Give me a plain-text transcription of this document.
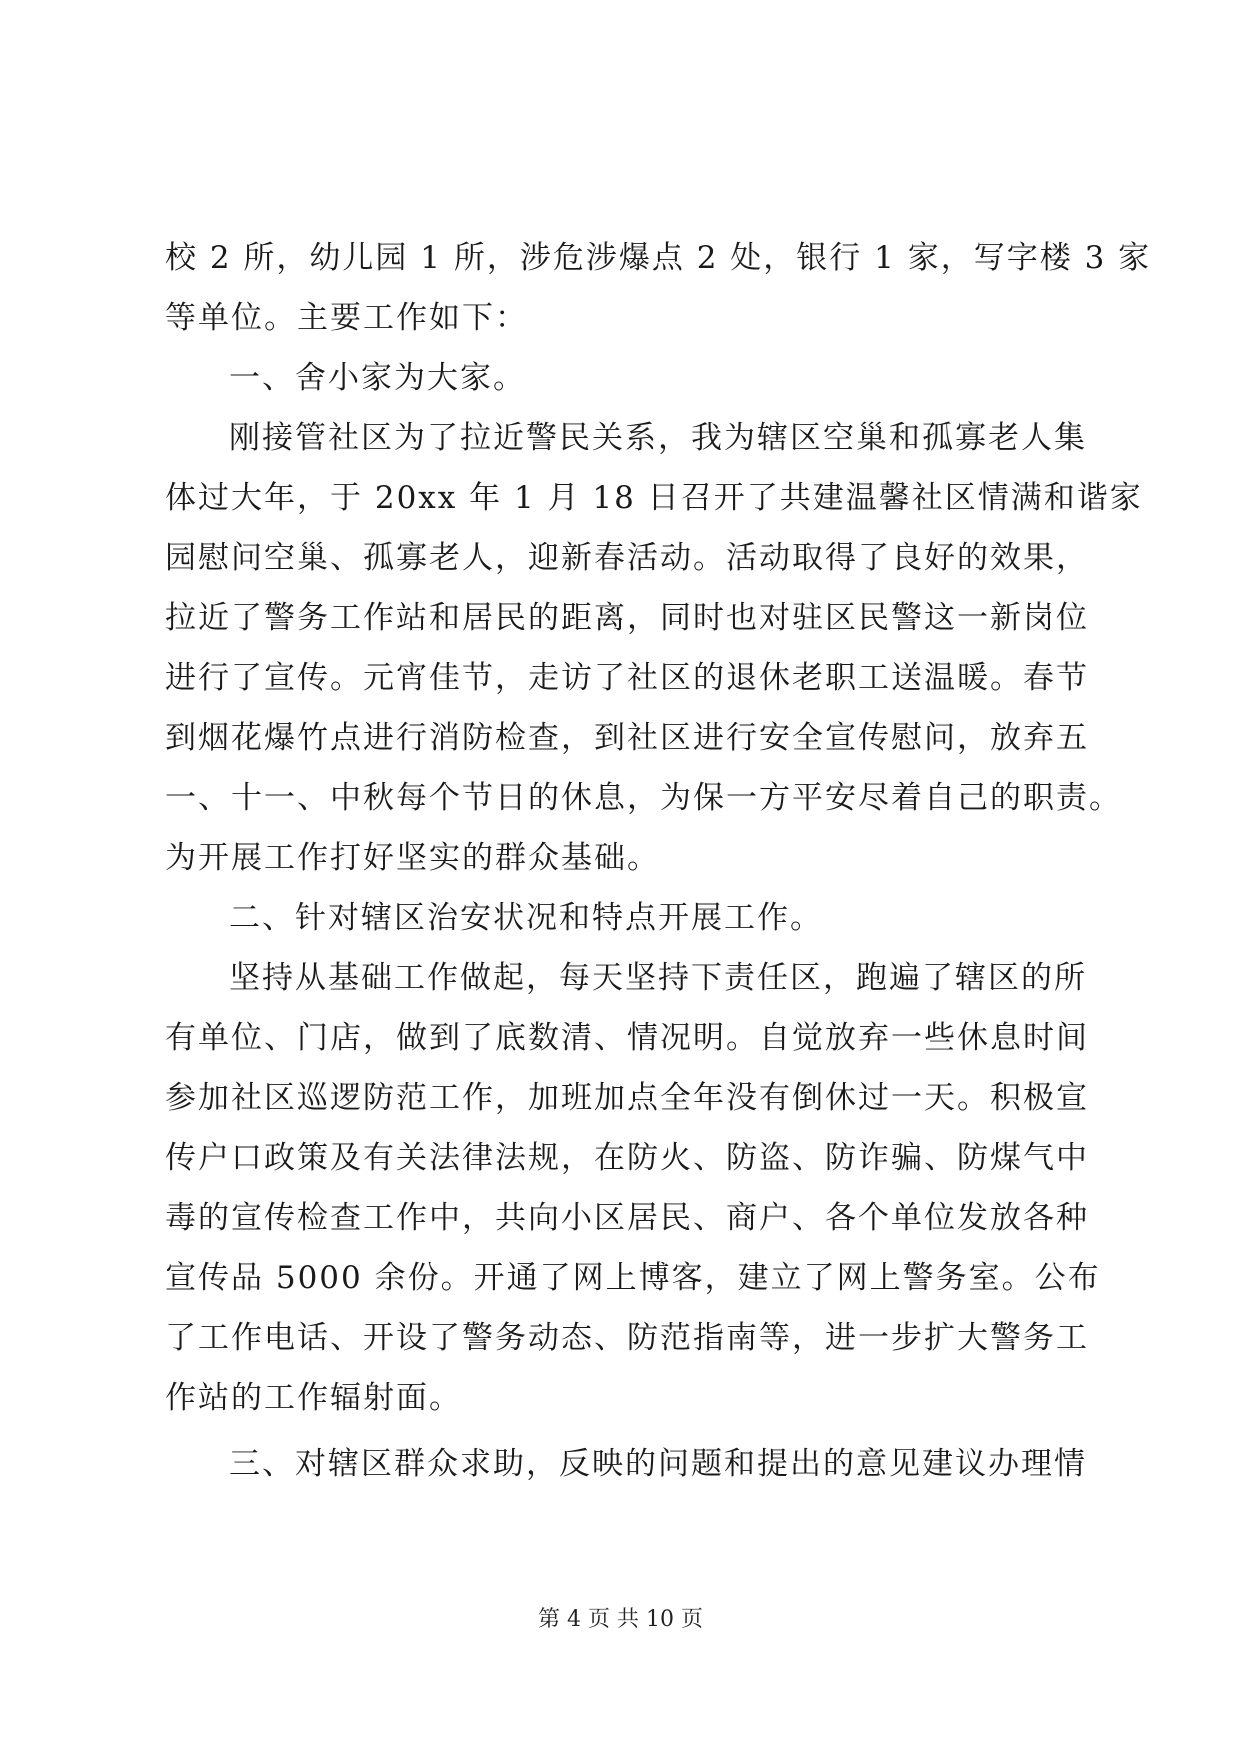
校 2 所，幼儿园 1 所，涉危涉爆点 2 处，银行 1 家，写字楼 3 家
等单位。主要工作如下：
一、舍小家为大家。
刚接管社区为了拉近警民关系，我为辖区空巢和孤寡老人集
体过大年，于 20xx 年 1 月 18 日召开了共建温馨社区情满和谐家
园慰问空巢、孤寡老人，迎新春活动。活动取得了良好的效果，
拉近了警务工作站和居民的距离，同时也对驻区民警这一新岗位
进行了宣传。元宵佳节，走访了社区的退休老职工送温暖。春节
到烟花爆竹点进行消防检查，到社区进行安全宣传慰问，放弃五
一、十一、中秋每个节日的休息，为保一方平安尽着自己的职责。
为开展工作打好坚实的群众基础。
二、针对辖区治安状况和特点开展工作。
坚持从基础工作做起，每天坚持下责任区，跑遍了辖区的所
有单位、门店，做到了底数清、情况明。自觉放弃一些休息时间
参加社区巡逻防范工作，加班加点全年没有倒休过一天。积极宣
传户口政策及有关法律法规，在防火、防盗、防诈骗、防煤气中
毒的宣传检查工作中，共向小区居民、商户、各个单位发放各种
宣传品 5000 余份。开通了网上博客，建立了网上警务室。公布
了工作电话、开设了警务动态、防范指南等，进一步扩大警务工
作站的工作辐射面。
三、对辖区群众求助，反映的问题和提出的意见建议办理情
第 4 页 共 10 页
